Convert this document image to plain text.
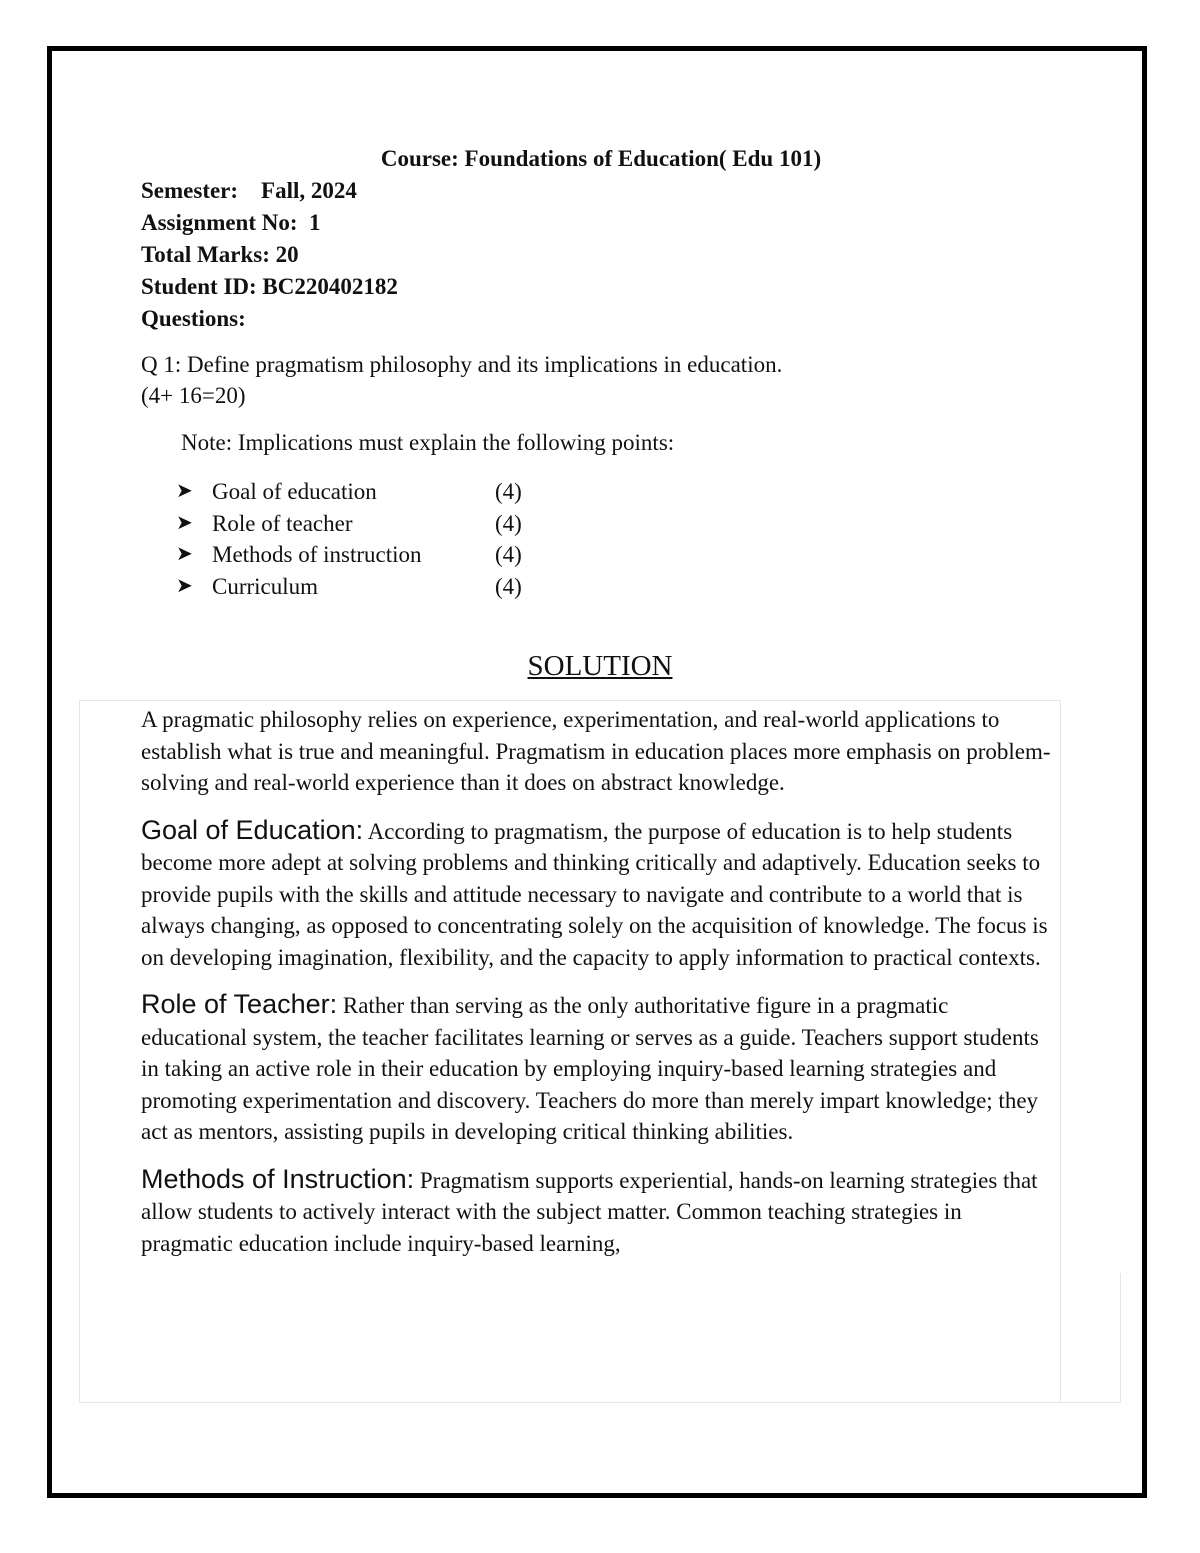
Course: Foundations of Education( Edu 101)
Semester:    Fall, 2024
Assignment No:  1
Total Marks: 20
Student ID: BC220402182
Questions:
Q 1: Define pragmatism philosophy and its implications in education.
(4+ 16=20)
Note: Implications must explain the following points:
➤ Goal of education	(4)
➤ Role of teacher	(4)
➤ Methods of instruction	(4)
➤ Curriculum	(4)
SOLUTION

A pragmatic philosophy relies on experience, experimentation, and real-world applications to establish what is true and meaningful. Pragmatism in education places more emphasis on problem-solving and real-world experience than it does on abstract knowledge.

Goal of Education: According to pragmatism, the purpose of education is to help students become more adept at solving problems and thinking critically and adaptively. Education seeks to provide pupils with the skills and attitude necessary to navigate and contribute to a world that is always changing, as opposed to concentrating solely on the acquisition of knowledge. The focus is on developing imagination, flexibility, and the capacity to apply information to practical contexts.

Role of Teacher: Rather than serving as the only authoritative figure in a pragmatic educational system, the teacher facilitates learning or serves as a guide. Teachers support students in taking an active role in their education by employing inquiry-based learning strategies and promoting experimentation and discovery. Teachers do more than merely impart knowledge; they act as mentors, assisting pupils in developing critical thinking abilities.

Methods of Instruction: Pragmatism supports experiential, hands-on learning strategies that allow students to actively interact with the subject matter. Common teaching strategies in pragmatic education include inquiry-based learning,
